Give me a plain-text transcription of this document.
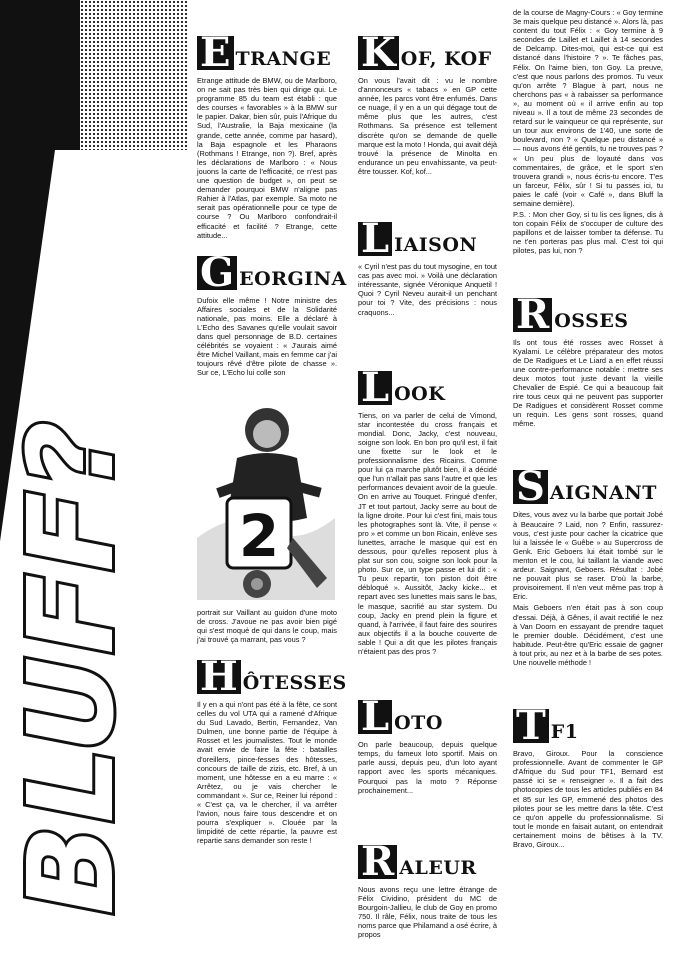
BLUFF?
E TRANGE

Etrange attitude de BMW, ou de Marlboro, on ne sait pas très bien qui dirige qui. Le programme 85 du team est établi : que des courses « favorables » à la BMW sur le papier. Dakar, bien sûr, puis l'Afrique du Sud, l'Australie, la Baja mexicaine (la grande, cette année, comme par hasard), la Baja espagnole et les Pharaons (Rothmans ! Etrange, non ?). Bref, après les déclarations de Marlboro : « Nous jouons la carte de l'efficacité, ce n'est pas une question de budget », on peut se demander pourquoi BMW n'aligne pas Rahier à l'Atlas, par exemple. Sa moto ne serait pas opérationnelle pour ce type de course ? Ou Marlboro confondrait-il efficacité et facilité ? Etrange, cette attitude...

G EORGINA

Dufoix elle même ! Notre ministre des Affaires sociales et de la Solidarité nationale, pas moins. Elle a déclaré à L'Echo des Savanes qu'elle voulait savoir dans quel personnage de B.D. certaines célébrités se voyaient : « J'aurais aimé être Michel Vaillant, mais en femme car j'ai toujours rêvé d'être pilote de chasse ». Sur ce, L'Echo lui colle son

2

portrait sur Vaillant au guidon d'une moto de cross. J'avoue ne pas avoir bien pigé qui s'est moqué de qui dans le coup, mais j'ai trouvé ça marrant, pas vous ?

H ÔTESSES

Il y en a qui n'ont pas été à la fête, ce sont celles du vol UTA qui a ramené d'Afrique du Sud Lavado, Bertin, Fernandez, Van Dulmen, une bonne partie de l'équipe à Rosset et les journalistes. Tout le monde avait envie de faire la fête : batailles d'oreillers, pince-fesses des hôtesses, concours de taille de zizis, etc. Bref, à un moment, une hôtesse en a eu marre : « Arrêtez, ou je vais chercher le commandant ». Sur ce, Reiner lui répond : « C'est ça, va le chercher, il va arrêter l'avion, nous faire tous descendre et on pourra s'expliquer ». Clouée par la limpidité de cette répartie, la pauvre est repartie sans demander son reste !

K OF, KOF

On vous l'avait dit : vu le nombre d'annonceurs « tabacs » en GP cette année, les parcs vont être enfumés. Dans ce nuage, il y en a un qui dégage tout de même plus que les autres, c'est Rothmans. Sa présence est tellement discrète qu'on se demande de quelle marque est la moto ! Honda, qui avait déjà trouvé la présence de Minolta en endurance un peu envahissante, va peut-être tousser. Kof, kof...

L IAISON

« Cyril n'est pas du tout mysogine, en tout cas pas avec moi. » Voilà une déclaration intéressante, signée Véronique Anquetil ! Quoi ? Cyril Neveu aurait-il un penchant pour toi ? Vite, des précisions : nous craquons...

L OOK

Tiens, on va parler de celui de Vimond, star incontestée du cross français et mondial. Donc, Jacky, c'est nouveau, soigne son look. En bon pro qu'il est, il fait une fixette sur le look et le professionnalisme des Ricains. Comme pour lui ça marche plutôt bien, il a décidé que l'un n'allait pas sans l'autre et que les performances devaient avoir de la gueule. On en arrive au Touquet. Fringué d'enfer, JT et tout partout, Jacky serre au bout de la ligne droite. Pour lui c'est fini, mais tous les photographes sont là. Vite, il pense « pro » et comme un bon Ricain, enlève ses lunettes, arrache le masque qui est en dessous, pour qu'elles reposent plus à plat sur son cou, soigne son look pour la photo. Sur ce, un type passe et lui dit : « Tu peux repartir, ton piston doit être débloqué ». Aussitôt, Jacky kicke... et repart avec ses lunettes mais sans le bas, le masque, sacrifié au star system. Du coup, Jacky en prend plein la figure et quand, à l'arrivée, il faut faire des sourires aux objectifs il a la bouche couverte de sable ! Qui a dit que les pilotes français n'étaient pas des pros ?

L OTO

On parle beaucoup, depuis quelque temps, du fameux loto sportif. Mais on parle aussi, depuis peu, d'un loto ayant rapport avec les sports mécaniques. Pourquoi pas la moto ? Réponse prochainement...

R ALEUR

Nous avons reçu une lettre étrange de Félix Cividino, président du MC de Bourgoin-Jallieu, le club de Goy en promo 750. Il râle, Félix, nous traite de tous les noms parce que Philamand a osé écrire, à propos

de la course de Magny-Cours : « Goy termine 3e mais quelque peu distancé ». Alors là, pas content du tout Félix : « Goy termine à 9 secondes de Laillet et Laillet à 14 secondes de Delcamp. Dites-moi, qui est-ce qui est distancé dans l'histoire ? ». Te fâches pas, Félix. On l'aime bien, ton Goy. La preuve, c'est que nous parlons des promos. Tu veux qu'on arrête ? Blague à part, nous ne cherchons pas « à rabaisser sa performance », au moment où « il arrive enfin au top niveau ». Il a tout de même 23 secondes de retard sur le vainqueur ce qui représente, sur un tour aux environs de 1'40, une sorte de boulevard, non ? « Quelque peu distancé » — nous avons été gentils, tu ne trouves pas ? « Un peu plus de loyauté dans vos commentaires, de grâce, et le sport s'en trouvera grandi », nous écris-tu encore. T'es un farceur, Félix, sûr ! Si tu passes ici, tu paies le café (voir « Café », dans Bluff la semaine dernière).

P.S. : Mon cher Goy, si tu lis ces lignes, dis à ton copain Félix de s'occuper de culture des papillons et de laisser tomber ta défense. Tu ne t'en porteras pas plus mal. C'est toi qui pilotes, pas lui, non ?

R OSSES

Ils ont tous été rosses avec Rosset à Kyalami. Le célèbre préparateur des motos de De Radigues et Le Liard a en effet réussi une contre-performance notable : mettre ses deux motos tout juste devant la vieille Chevalier de Espié. Ce qui a beaucoup fait rire tous ceux qui ne peuvent pas supporter De Radigues et considèrent Rosset comme un requin. Les gens sont rosses, quand même.

S AIGNANT

Dites, vous avez vu la barbe que portait Jobé à Beaucaire ? Laid, non ? Enfin, rassurez-vous, c'est juste pour cacher la cicatrice que lui a laissée le « Guêbe » au Supercross de Genk. Eric Geboers lui était tombé sur le menton et le cou, lui taillant la viande avec ardeur. Saignant, Geboers. Résultat : Jobé ne pouvait plus se raser. D'où la barbe, provisoirement. Il n'en veut même pas trop à Eric.

Mais Geboers n'en était pas à son coup d'essai. Déjà, à Gênes, il avait rectifié le nez à Van Doorn en essayant de prendre taquet le premier double. Décidément, c'est une habitude. Peut-être qu'Eric essaie de gagner à tout prix, au nez et à la barbe de ses potes. Une nouvelle méthode !

T F1

Bravo, Giroux. Pour la conscience professionnelle. Avant de commenter le GP d'Afrique du Sud pour TF1, Bernard est passé ici se « renseigner ». Il a fait des photocopies de tous les articles publiés en 84 et 85 sur les GP, emmené des photos des pilotes pour se les mettre dans la tête. C'est ce qu'on appelle du professionnalisme. Si tout le monde en faisait autant, on entendrait certainement moins de bêtises à la TV. Bravo, Giroux...
